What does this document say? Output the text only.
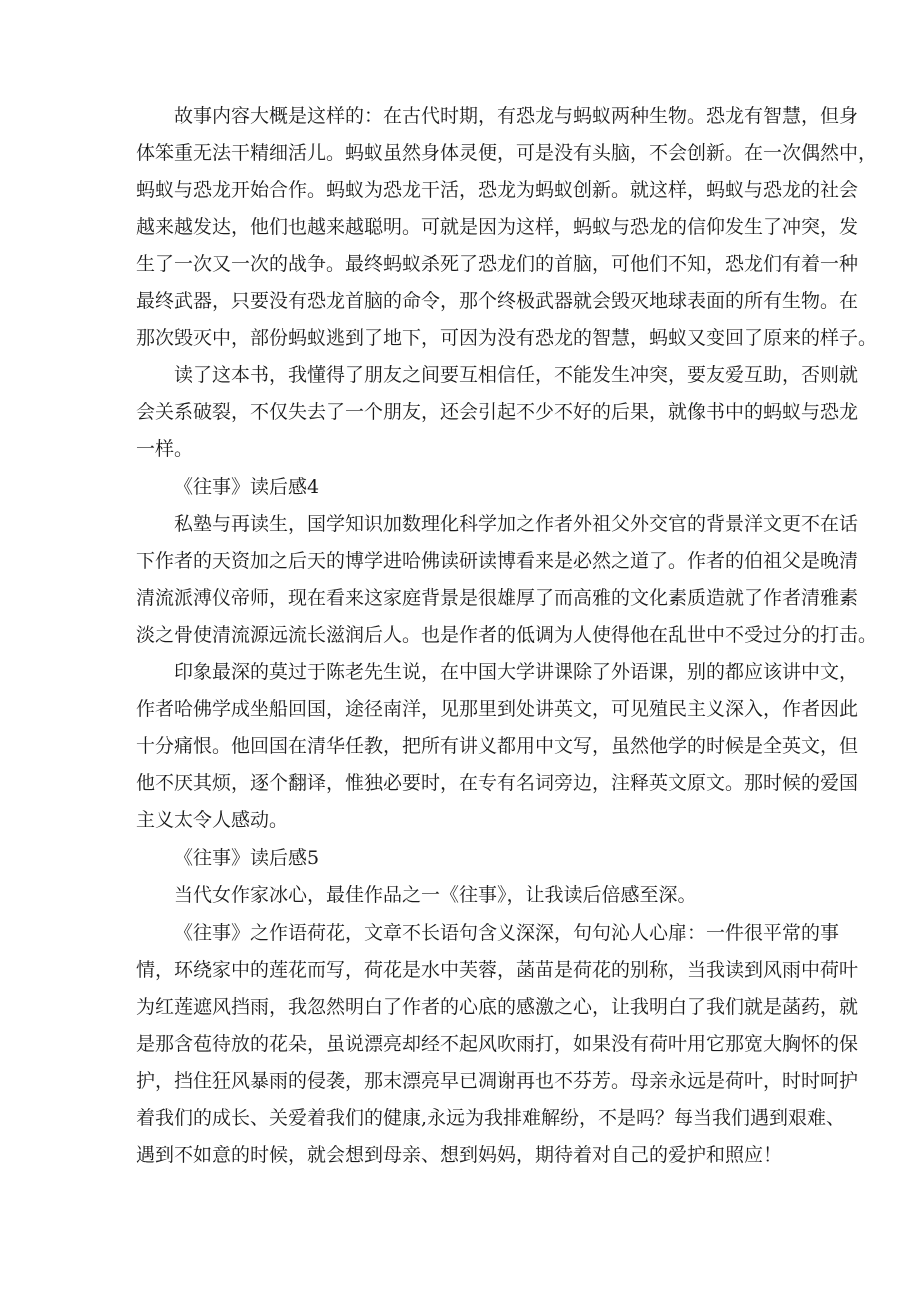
故事内容大概是这样的：在古代时期，有恐龙与蚂蚁两种生物。恐龙有智慧，但身
体笨重无法干精细活儿。蚂蚁虽然身体灵便，可是没有头脑，不会创新。在一次偶然中，
蚂蚁与恐龙开始合作。蚂蚁为恐龙干活，恐龙为蚂蚁创新。就这样，蚂蚁与恐龙的社会
越来越发达，他们也越来越聪明。可就是因为这样，蚂蚁与恐龙的信仰发生了冲突，发
生了一次又一次的战争。最终蚂蚁杀死了恐龙们的首脑，可他们不知，恐龙们有着一种
最终武器，只要没有恐龙首脑的命令，那个终极武器就会毁灭地球表面的所有生物。在
那次毁灭中，部份蚂蚁逃到了地下，可因为没有恐龙的智慧，蚂蚁又变回了原来的样子。
读了这本书，我懂得了朋友之间要互相信任，不能发生冲突，要友爱互助，否则就
会关系破裂，不仅失去了一个朋友，还会引起不少不好的后果，就像书中的蚂蚁与恐龙
一样。
《往事》读后感4
私塾与再读生，国学知识加数理化科学加之作者外祖父外交官的背景洋文更不在话
下作者的天资加之后天的博学进哈佛读研读博看来是必然之道了。作者的伯祖父是晚清
清流派溥仪帝师，现在看来这家庭背景是很雄厚了而高雅的文化素质造就了作者清雅素
淡之骨使清流源远流长滋润后人。也是作者的低调为人使得他在乱世中不受过分的打击。
印象最深的莫过于陈老先生说，在中国大学讲课除了外语课，别的都应该讲中文，
作者哈佛学成坐船回国，途径南洋，见那里到处讲英文，可见殖民主义深入，作者因此
十分痛恨。他回国在清华任教，把所有讲义都用中文写，虽然他学的时候是全英文，但
他不厌其烦，逐个翻译，惟独必要时，在专有名词旁边，注释英文原文。那时候的爱国
主义太令人感动。
《往事》读后感5
当代女作家冰心，最佳作品之一《往事》，让我读后倍感至深。
《往事》之作语荷花，文章不长语句含义深深，句句沁人心扉：一件很平常的事
情，环绕家中的莲花而写，荷花是水中芙蓉，菡苗是荷花的别称，当我读到风雨中荷叶
为红莲遮风挡雨，我忽然明白了作者的心底的感激之心，让我明白了我们就是菡药，就
是那含苞待放的花朵，虽说漂亮却经不起风吹雨打，如果没有荷叶用它那宽大胸怀的保
护，挡住狂风暴雨的侵袭，那末漂亮早已凋谢再也不芬芳。母亲永远是荷叶，时时呵护
着我们的成长、关爱着我们的健康,永远为我排难解纷，不是吗？每当我们遇到艰难、
遇到不如意的时候，就会想到母亲、想到妈妈，期待着对自己的爱护和照应！
